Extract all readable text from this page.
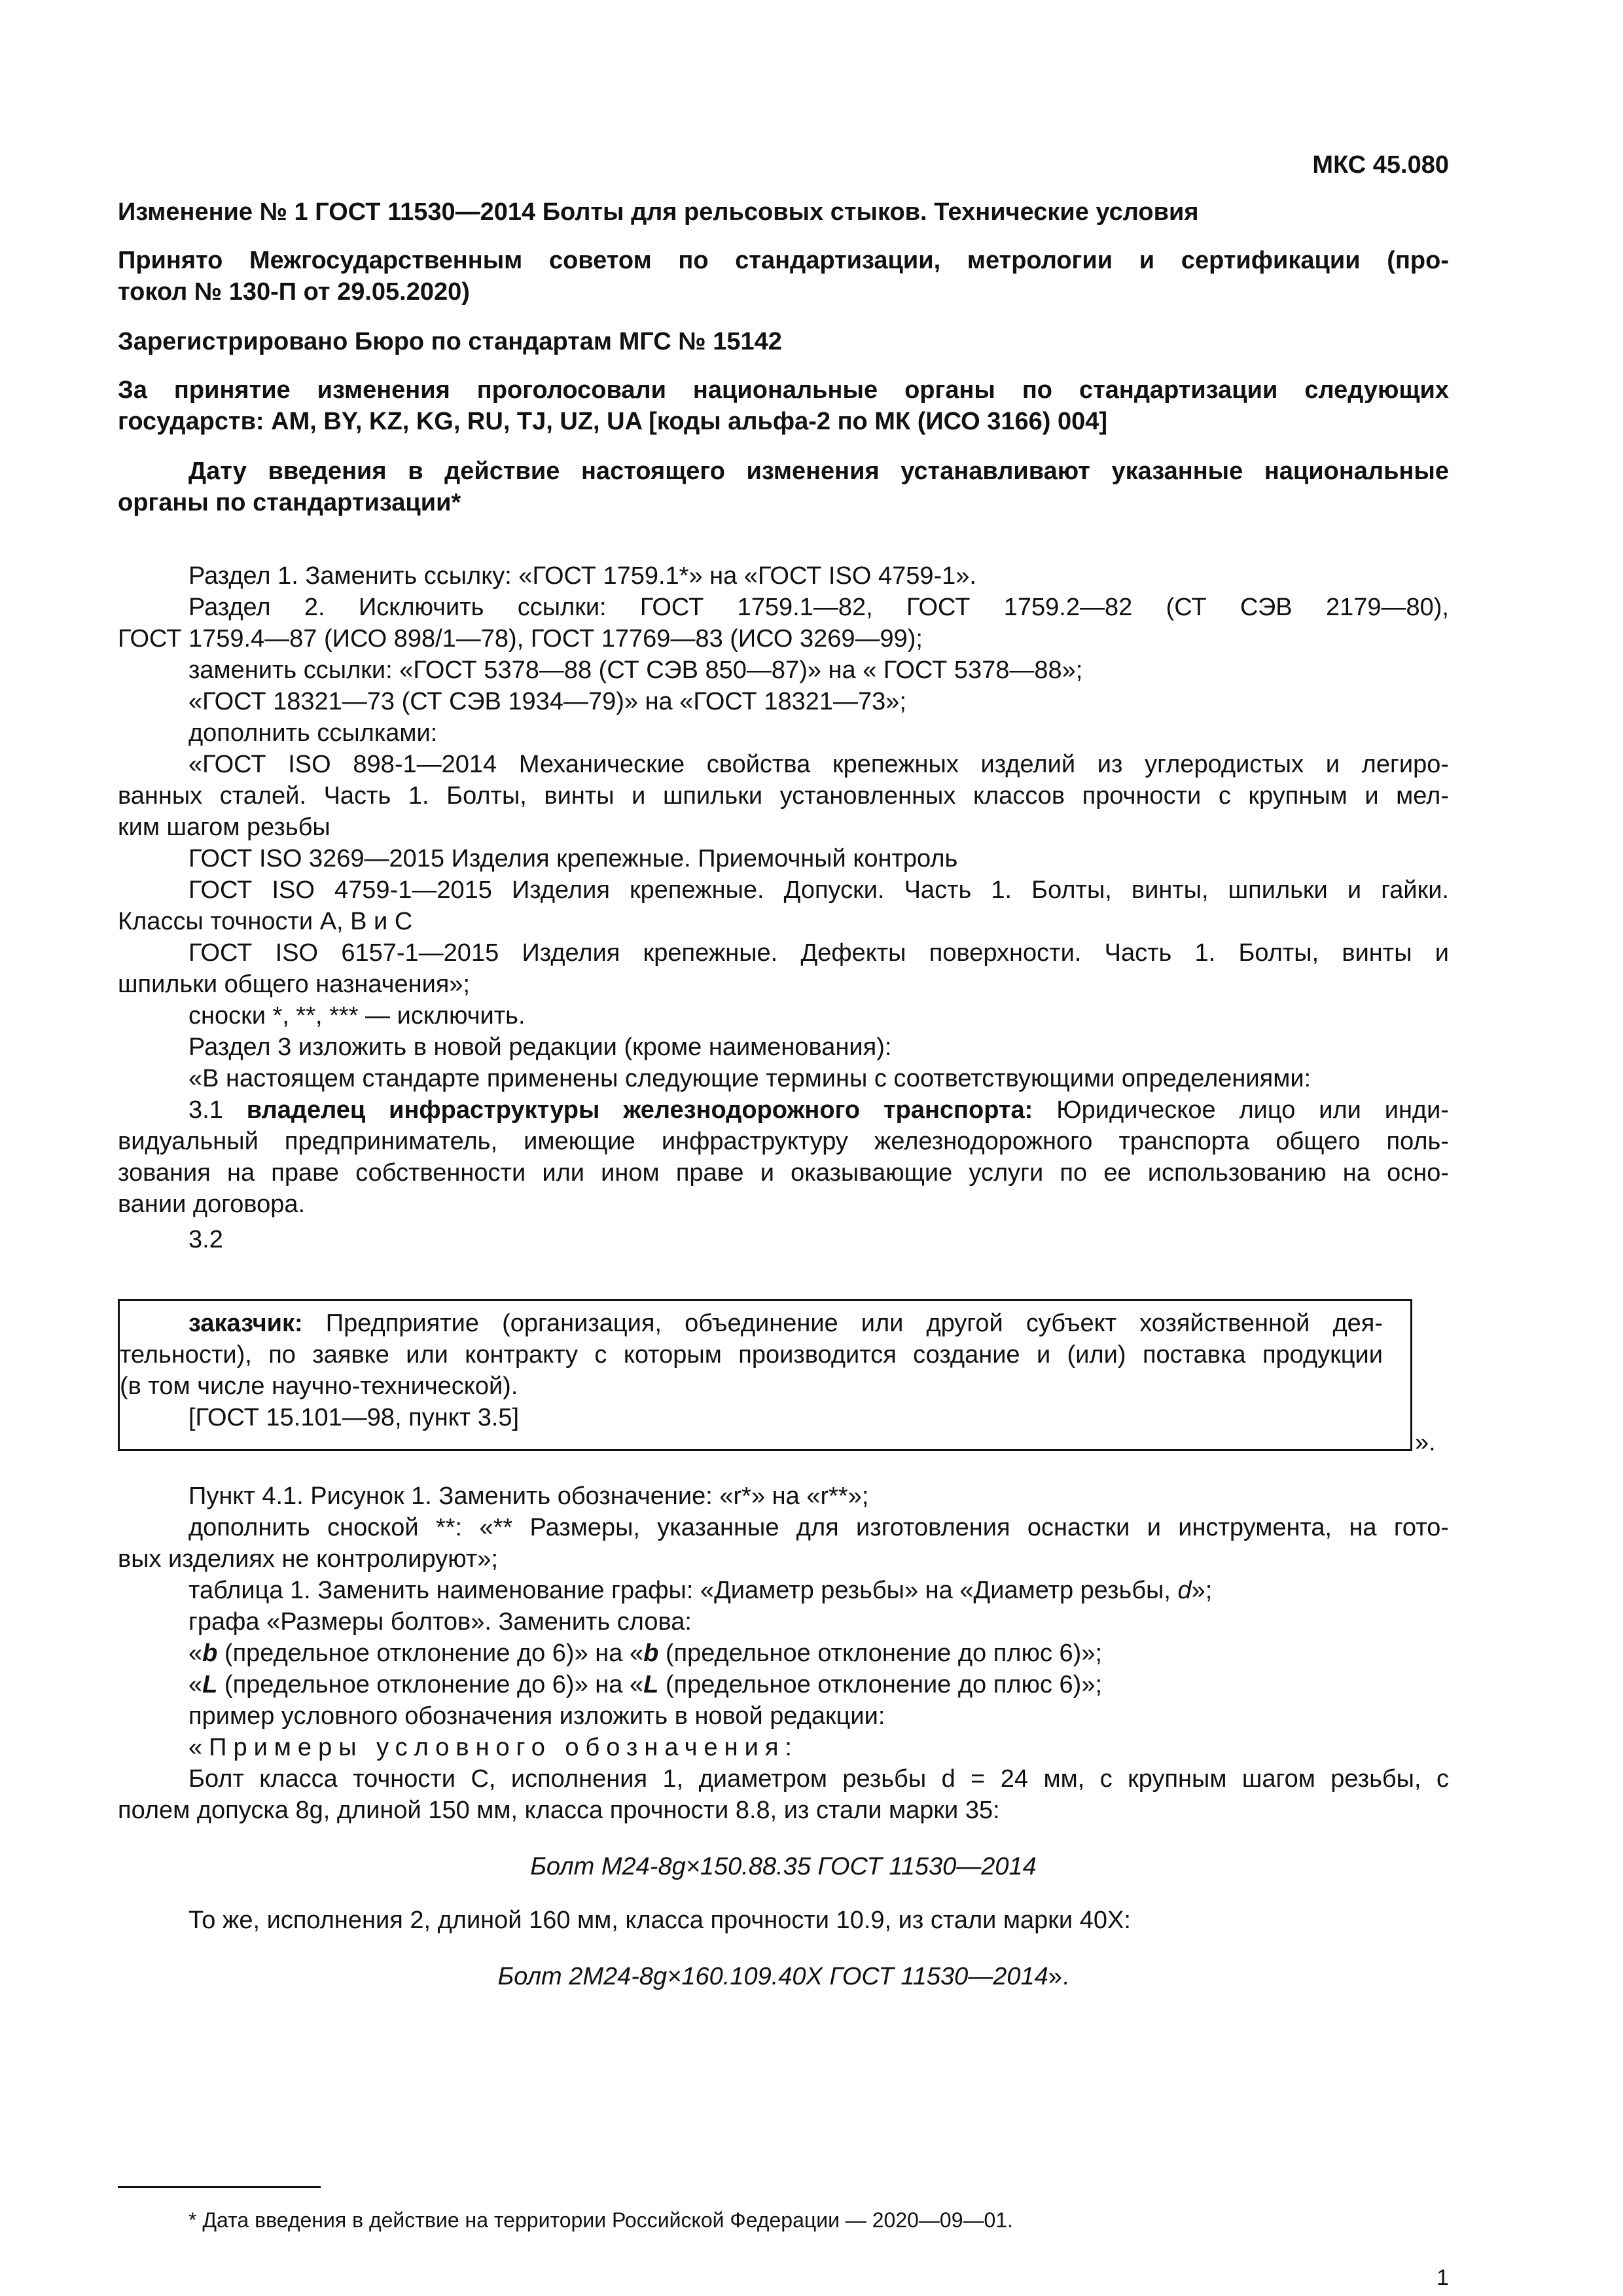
МКС 45.080
Изменение № 1 ГОСТ 11530—2014 Болты для рельсовых стыков. Технические условия
Принято Межгосударственным советом по стандартизации, метрологии и сертификации (про-
токол № 130-П от 29.05.2020)
Зарегистрировано Бюро по стандартам МГС № 15142
За принятие изменения проголосовали национальные органы по стандартизации следующих
государств: AM, BY, KZ, KG, RU, TJ, UZ, UA [коды альфа-2 по МК (ИСО 3166) 004]
Дату введения в действие настоящего изменения устанавливают указанные национальные
органы по стандартизации*
Раздел 1. Заменить ссылку: «ГОСТ 1759.1*» на «ГОСТ ISO 4759-1».
Раздел 2. Исключить ссылки: ГОСТ 1759.1—82, ГОСТ 1759.2—82 (СТ СЭВ 2179—80),
ГОСТ 1759.4—87 (ИСО 898/1—78), ГОСТ 17769—83 (ИСО 3269—99);
заменить ссылки: «ГОСТ 5378—88 (СТ СЭВ 850—87)» на « ГОСТ 5378—88»;
«ГОСТ 18321—73 (СТ СЭВ 1934—79)» на «ГОСТ 18321—73»;
дополнить ссылками:
«ГОСТ ISO 898-1—2014 Механические свойства крепежных изделий из углеродистых и легиро-
ванных сталей. Часть 1. Болты, винты и шпильки установленных классов прочности с крупным и мел-
ким шагом резьбы
ГОСТ ISO 3269—2015 Изделия крепежные. Приемочный контроль
ГОСТ ISO 4759-1—2015 Изделия крепежные. Допуски. Часть 1. Болты, винты, шпильки и гайки.
Классы точности А, В и С
ГОСТ ISO 6157-1—2015 Изделия крепежные. Дефекты поверхности. Часть 1. Болты, винты и
шпильки общего назначения»;
сноски *, **, *** — исключить.
Раздел 3 изложить в новой редакции (кроме наименования):
«В настоящем стандарте применены следующие термины с соответствующими определениями:
3.1 владелец инфраструктуры железнодорожного транспорта: Юридическое лицо или инди-
видуальный предприниматель, имеющие инфраструктуру железнодорожного транспорта общего поль-
зования на праве собственности или ином праве и оказывающие услуги по ее использованию на осно-
вании договора.
3.2
заказчик: Предприятие (организация, объединение или другой субъект хозяйственной дея-
тельности), по заявке или контракту с которым производится создание и (или) поставка продукции
(в том числе научно-технической).
[ГОСТ 15.101—98, пункт 3.5]
».
Пункт 4.1. Рисунок 1. Заменить обозначение: «r*» на «r**»;
дополнить сноской **: «** Размеры, указанные для изготовления оснастки и инструмента, на гото-
вых изделиях не контролируют»;
таблица 1. Заменить наименование графы: «Диаметр резьбы» на «Диаметр резьбы, d»;
графа «Размеры болтов». Заменить слова:
«b (предельное отклонение до 6)» на «b (предельное отклонение до плюс 6)»;
«L (предельное отклонение до 6)» на «L (предельное отклонение до плюс 6)»;
пример условного обозначения изложить в новой редакции:
«Примеры условного обозначения:
Болт класса точности С, исполнения 1, диаметром резьбы d = 24 мм, с крупным шагом резьбы, с
полем допуска 8g, длиной 150 мм, класса прочности 8.8, из стали марки 35:
Болт М24-8g×150.88.35 ГОСТ 11530—2014
То же, исполнения 2, длиной 160 мм, класса прочности 10.9, из стали марки 40Х:
Болт 2М24-8g×160.109.40Х ГОСТ 11530—2014».
* Дата введения в действие на территории Российской Федерации — 2020—09—01.
1
